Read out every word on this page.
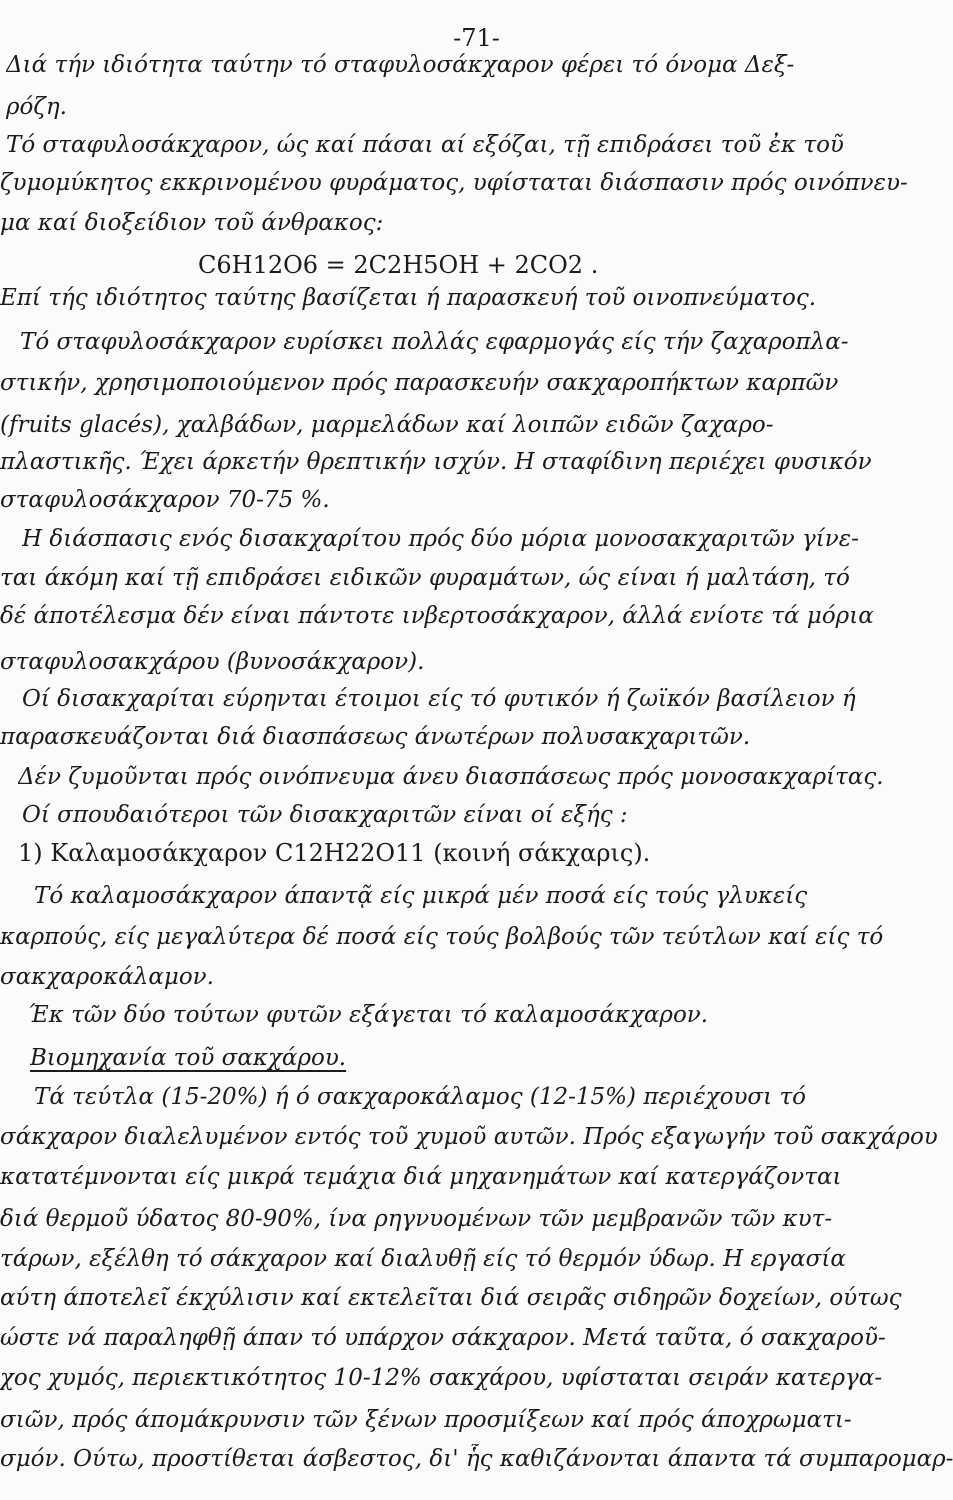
-71-
Διά τήν ιδιότητα ταύτην τό σταφυλοσάκχαρον φέρει τό όνομα Δεξ-
ρόζη.
Τό σταφυλοσάκχαρον, ώς καί πάσαι αί εξόζαι, τῇ επιδράσει τοῦ ἐκ τοῦ
ζυμομύκητος εκκρινομένου φυράματος, υφίσταται διάσπασιν πρός οινόπνευ-
μα καί διοξείδιον τοῦ άνθρακος:
C6H12O6 = 2C2H5OH + 2CO2 .
Επί τής ιδιότητος ταύτης βασίζεται ή παρασκευή τοῦ οινοπνεύματος.
Τό σταφυλοσάκχαρον ευρίσκει πολλάς εφαρμογάς είς τήν ζαχαροπλα-
στικήν, χρησιμοποιούμενον πρός παρασκευήν σακχαροπήκτων καρπῶν
(fruits glacés), χαλβάδων, μαρμελάδων καί λοιπῶν ειδῶν ζαχαρο-
πλαστικῆς. Έχει άρκετήν θρεπτικήν ισχύν. Η σταφίδινη περιέχει φυσικόν
σταφυλοσάκχαρον 70-75 %.
Η διάσπασις ενός δισακχαρίτου πρός δύο μόρια μονοσακχαριτῶν γίνε-
ται άκόμη καί τῇ επιδράσει ειδικῶν φυραμάτων, ώς είναι ή μαλτάση, τό
δέ άποτέλεσμα δέν είναι πάντοτε ινβερτοσάκχαρον, άλλά ενίοτε τά μόρια
σταφυλοσακχάρου (βυνοσάκχαρον).
Οί δισακχαρίται εύρηνται έτοιμοι είς τό φυτικόν ή ζωϊκόν βασίλειον ή
παρασκευάζονται διά διασπάσεως άνωτέρων πολυσακχαριτῶν.
Δέν ζυμοῦνται πρός οινόπνευμα άνευ διασπάσεως πρός μονοσακχαρίτας.
Οί σπουδαιότεροι τῶν δισακχαριτῶν είναι οί εξής :
1) Καλαμοσάκχαρον C12H22O11 (κοινή σάκχαρις).
Τό καλαμοσάκχαρον άπαντᾷ είς μικρά μέν ποσά είς τούς γλυκείς
καρπούς, είς μεγαλύτερα δέ ποσά είς τούς βολβούς τῶν τεύτλων καί είς τό
σακχαροκάλαμον.
Έκ τῶν δύο τούτων φυτῶν εξάγεται τό καλαμοσάκχαρον.
Βιομηχανία τοῦ σακχάρου.
Τά τεύτλα (15-20%) ή ό σακχαροκάλαμος (12-15%) περιέχουσι τό
σάκχαρον διαλελυμένον εντός τοῦ χυμοῦ αυτῶν. Πρός εξαγωγήν τοῦ σακχάρου
κατατέμνονται είς μικρά τεμάχια διά μηχανημάτων καί κατεργάζονται
διά θερμοῦ ύδατος 80-90%, ίνα ρηγνυομένων τῶν μεμβρανῶν τῶν κυτ-
τάρων, εξέλθη τό σάκχαρον καί διαλυθῇ είς τό θερμόν ύδωρ. Η εργασία
αύτη άποτελεῖ έκχύλισιν καί εκτελεῖται διά σειρᾶς σιδηρῶν δοχείων, ούτως
ώστε νά παραληφθῇ άπαν τό υπάρχον σάκχαρον. Μετά ταῦτα, ό σακχαροῦ-
χος χυμός, περιεκτικότητος 10-12% σακχάρου, υφίσταται σειράν κατεργα-
σιῶν, πρός άπομάκρυνσιν τῶν ξένων προσμίξεων καί πρός άποχρωματι-
σμόν. Ούτω, προστίθεται άσβεστος, δι' ἧς καθιζάνονται άπαντα τά συμπαρομαρ-
